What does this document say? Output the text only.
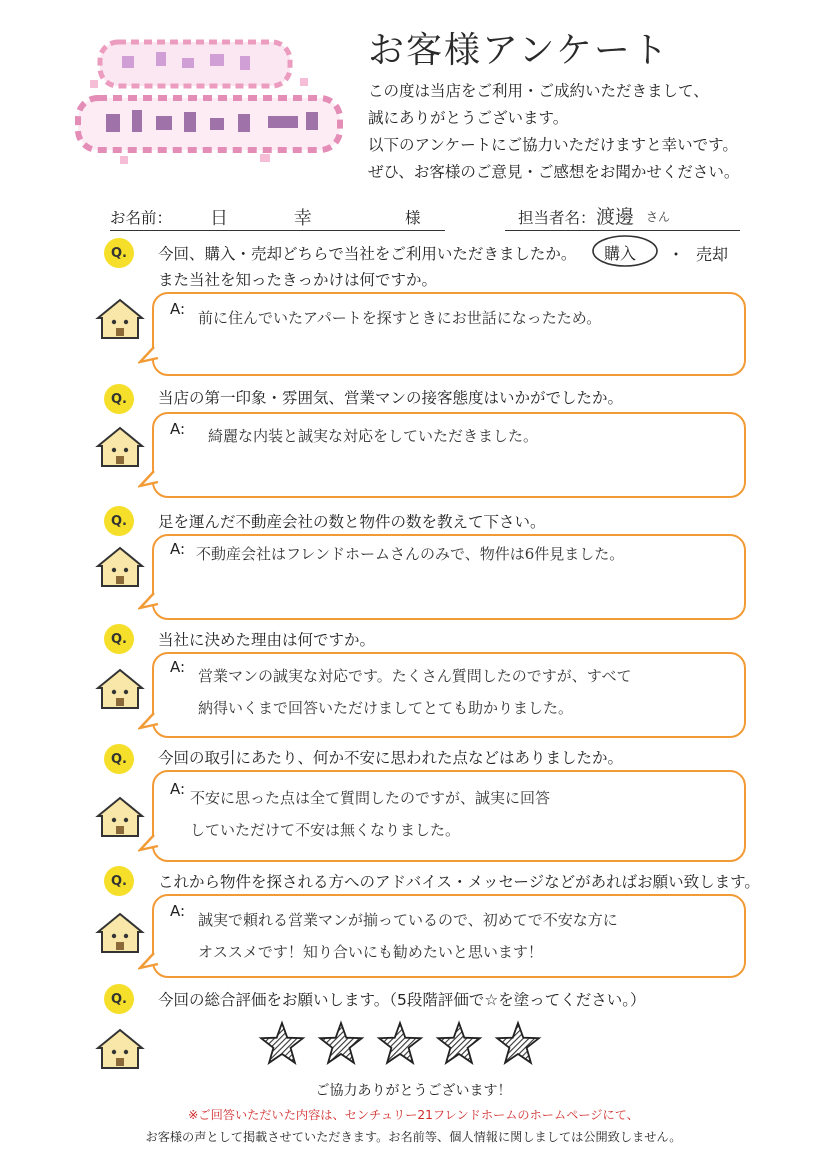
お客様アンケート
この度は当店をご利用・ご成約いただきまして、
誠にありがとうございます。
以下のアンケートにご協力いただけますと幸いです。
ぜひ、お客様のご意見・ご感想をお聞かせください。
お名前： 日 幸	様	担当者名： 渡邊 さん
Q.	今回、購入・売却どちらで当社をご利用いただきましたか。
また当社を知ったきっかけは何ですか。
購入 ・ 売却
A: 前に住んでいたアパートを探すときにお世話になったため。
Q.	当店の第一印象・雰囲気、営業マンの接客態度はいかがでしたか。
A: 綺麗な内装と誠実な対応をしていただきました。
Q.	足を運んだ不動産会社の数と物件の数を教えて下さい。
A: 不動産会社はフレンドホームさんのみで、物件は6件見ました。
Q.	当社に決めた理由は何ですか。
A: 営業マンの誠実な対応です。たくさん質問したのですが、すべて
納得いくまで回答いただけましてとても助かりました。
Q.	今回の取引にあたり、何か不安に思われた点などはありましたか。
A: 不安に思った点は全て質問したのですが、誠実に回答
していただけて不安は無くなりました。
Q.	これから物件を探される方へのアドバイス・メッセージなどがあればお願い致します。
A: 誠実で頼れる営業マンが揃っているので、初めてで不安な方に
オススメです！知り合いにも勧めたいと思います！
Q.	今回の総合評価をお願いします。（5段階評価で☆を塗ってください。）
ご協力ありがとうございます！
※ご回答いただいた内容は、センチュリー21フレンドホームのホームページにて、
お客様の声として掲載させていただきます。お名前等、個人情報に関しましては公開致しません。
